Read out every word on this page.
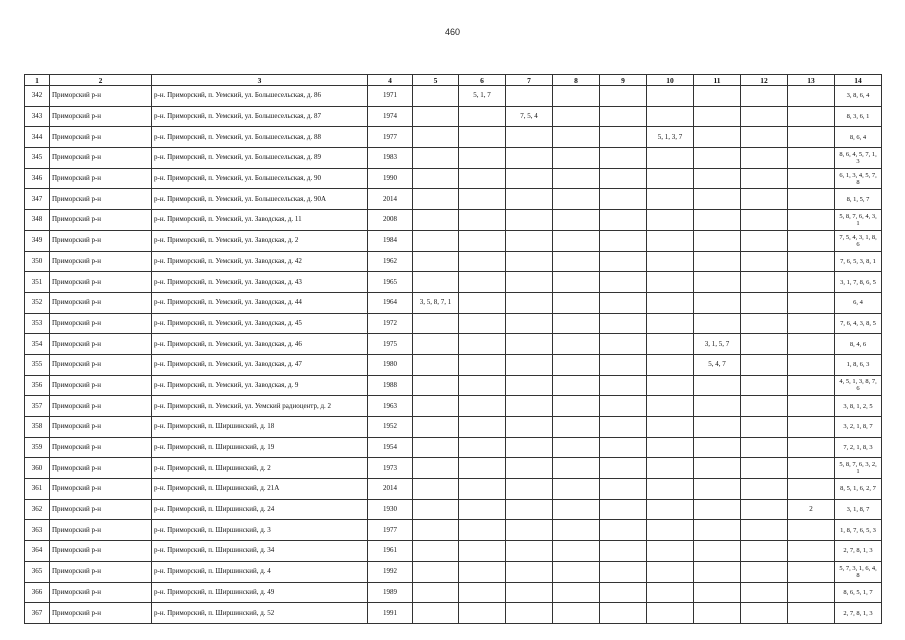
460
1	2	3	4	5	6	7	8	9	10	11	12	13	14
342	Приморский р-н	р-н. Приморский, п. Уемский, ул. Большесельская, д. 86	1971		5, 1, 7								3, 8, 6, 4
343	Приморский р-н	р-н. Приморский, п. Уемский, ул. Большесельская, д. 87	1974			7, 5, 4							8, 3, 6, 1
344	Приморский р-н	р-н. Приморский, п. Уемский, ул. Большесельская, д. 88	1977						5, 1, 3, 7				8, 6, 4
345	Приморский р-н	р-н. Приморский, п. Уемский, ул. Большесельская, д. 89	1983										8, 6, 4, 5, 7, 1, 3
346	Приморский р-н	р-н. Приморский, п. Уемский, ул. Большесельская, д. 90	1990										6, 1, 3, 4, 5, 7, 8
347	Приморский р-н	р-н. Приморский, п. Уемский, ул. Большесельская, д. 90А	2014										8, 1, 5, 7
348	Приморский р-н	р-н. Приморский, п. Уемский, ул. Заводская, д. 11	2008										5, 8, 7, 6, 4, 3, 1
349	Приморский р-н	р-н. Приморский, п. Уемский, ул. Заводская, д. 2	1984										7, 5, 4, 3, 1, 8, 6
350	Приморский р-н	р-н. Приморский, п. Уемский, ул. Заводская, д. 42	1962										7, 6, 5, 3, 8, 1
351	Приморский р-н	р-н. Приморский, п. Уемский, ул. Заводская, д. 43	1965										3, 1, 7, 8, 6, 5
352	Приморский р-н	р-н. Приморский, п. Уемский, ул. Заводская, д. 44	1964	3, 5, 8, 7, 1									6, 4
353	Приморский р-н	р-н. Приморский, п. Уемский, ул. Заводская, д. 45	1972										7, 6, 4, 3, 8, 5
354	Приморский р-н	р-н. Приморский, п. Уемский, ул. Заводская, д. 46	1975							3, 1, 5, 7			8, 4, 6
355	Приморский р-н	р-н. Приморский, п. Уемский, ул. Заводская, д. 47	1980							5, 4, 7			1, 8, 6, 3
356	Приморский р-н	р-н. Приморский, п. Уемский, ул. Заводская, д. 9	1988										4, 5, 1, 3, 8, 7, 6
357	Приморский р-н	р-н. Приморский, п. Уемский, ул. Уемский радиоцентр, д. 2	1963										3, 8, 1, 2, 5
358	Приморский р-н	р-н. Приморский, п. Ширшинский, д. 18	1952										3, 2, 1, 8, 7
359	Приморский р-н	р-н. Приморский, п. Ширшинский, д. 19	1954										7, 2, 1, 8, 3
360	Приморский р-н	р-н. Приморский, п. Ширшинский, д. 2	1973										5, 8, 7, 6, 3, 2, 1
361	Приморский р-н	р-н. Приморский, п. Ширшинский, д. 21А	2014										8, 5, 1, 6, 2, 7
362	Приморский р-н	р-н. Приморский, п. Ширшинский, д. 24	1930									2	3, 1, 8, 7
363	Приморский р-н	р-н. Приморский, п. Ширшинский, д. 3	1977										1, 8, 7, 6, 5, 3
364	Приморский р-н	р-н. Приморский, п. Ширшинский, д. 34	1961										2, 7, 8, 1, 3
365	Приморский р-н	р-н. Приморский, п. Ширшинский, д. 4	1992										5, 7, 3, 1, 6, 4, 8
366	Приморский р-н	р-н. Приморский, п. Ширшинский, д. 49	1989										8, 6, 5, 1, 7
367	Приморский р-н	р-н. Приморский, п. Ширшинский, д. 52	1991										2, 7, 8, 1, 3
